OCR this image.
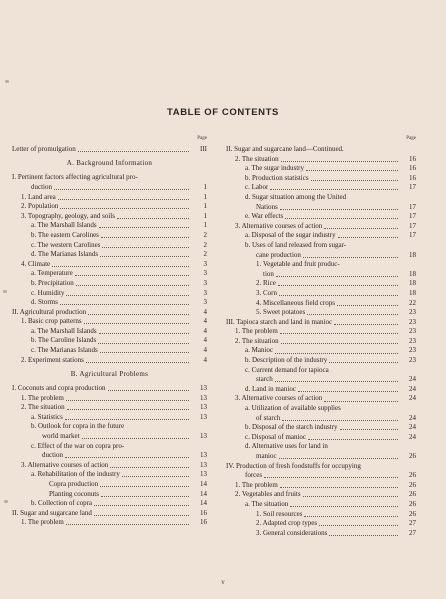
TABLE OF CONTENTS
Page
Letter of promulgation	III
A. Background Information
I. Pertinent factors affecting agricultural pro-
duction	1
1. Land area	1
2. Population	1
3. Topography, geology, and soils	1
a. The Marshall Islands	1
b. The eastern Carolines	2
c. The western Carolines	2
d. The Marianas Islands	2
4. Climate	3
a. Temperature	3
b. Precipitation	3
c. Humidity	3
d. Storms	3
II. Agricultural production	4
1. Basic crop patterns	4
a. The Marshall Islands	4
b. The Caroline Islands	4
c. The Marianas Islands	4
2. Experiment stations	4
B. Agricultural Problems
I. Coconuts and copra production	13
1. The problem	13
2. The situation	13
a. Statistics	13
b. Outlook for copra in the future
world market	13
c. Effect of the war on copra pro-
duction	13
3. Alternative courses of action	13
a. Rehabilitation of the industry	13
Copra production	14
Planting coconuts	14
b. Collection of copra	14
II. Sugar and sugarcane land	16
1. The problem	16
Page
II. Sugar and sugarcane land—Continued.
2. The situation	16
a. The sugar industry	16
b. Production statistics	16
c. Labor	17
d. Sugar situation among the United
Nations	17
e. War effects	17
3. Alternative courses of action	17
a. Disposal of the sugar industry	17
b. Uses of land released from sugar-
cane production	18
1. Vegetable and fruit produc-
tion	18
2. Rice	18
3. Corn	18
4. Miscellaneous field crops	22
5. Sweet potatoes	23
III. Tapioca starch and land in manioc	23
1. The problem	23
2. The situation	23
a. Manioc	23
b. Description of the industry	23
c. Current demand for tapioca
starch	24
d. Land in manioc	24
3. Alternative courses of action	24
a. Utilization of available supplies
of starch	24
b. Disposal of the starch industry	24
c. Disposal of manioc	24
d. Alternative uses for land in
manioc	26
IV. Production of fresh foodstuffs for occupying
forces	26
1. The problem	26
2. Vegetables and fruits	26
a. The situation	26
1. Soil resources	26
2. Adapted crop types	27
3. General considerations	27
v
